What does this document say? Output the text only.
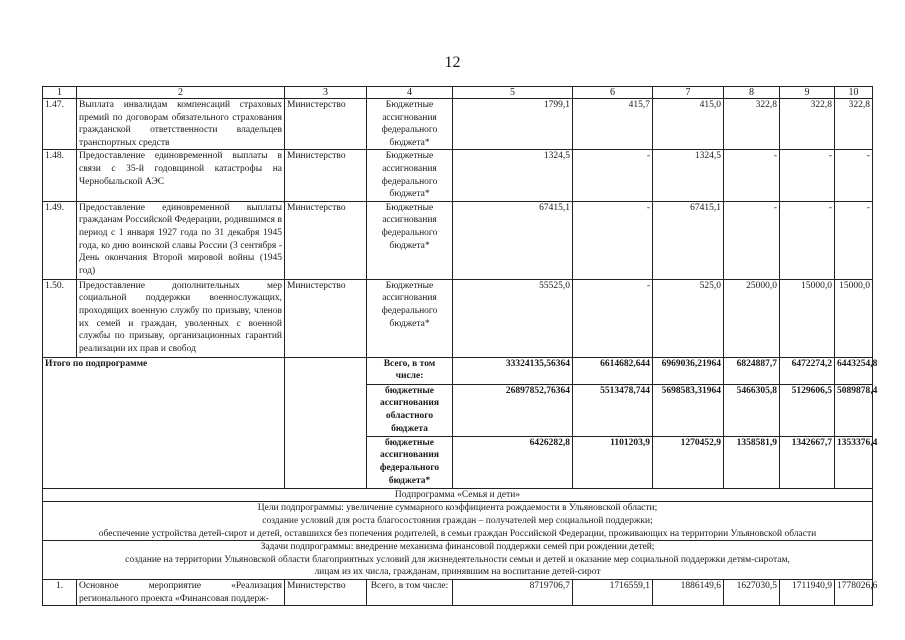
12
1	2	3	4	5	6	7	8	9	10
1.47.	Выплата инвалидам компенсаций страховых премий по договорам обязательного страхования гражданской ответственности владельцев транспортных средств	Министерство	Бюджетные ассигнования федерального бюджета*	1799,1	415,7	415,0	322,8	322,8	322,8
1.48.	Предоставление единовременной выплаты в связи с 35-й годовщиной катастрофы на Чернобыльской АЭС	Министерство	Бюджетные ассигнования федерального бюджета*	1324,5	-	1324,5	-	-	-
1.49.	Предоставление единовременной выплаты гражданам Российской Федерации, родившимся в период с 1 января 1927 года по 31 декабря 1945 года, ко дню воинской славы России (3 сентября - День окончания Второй мировой войны (1945 год)	Министерство	Бюджетные ассигнования федерального бюджета*	67415,1	-	67415,1	-	-	-
1.50.	Предоставление дополнительных мер социальной поддержки военнослужащих, проходящих военную службу по призыву, членов их семей и граждан, уволенных с военной службы по призыву, организационных гарантий реализации их прав и свобод	Министерство	Бюджетные ассигнования федерального бюджета*	55525,0	-	525,0	25000,0	15000,0	15000,0
Итого по подпрограмме			Всего, в том числе:	33324135,56364	6614682,644	6969036,21964	6824887,7	6472274,2	6443254,8
			бюджетные ассигнования областного бюджета	26897852,76364	5513478,744	5698583,31964	5466305,8	5129606,5	5089878,4
			бюджетные ассигнования федерального бюджета*	6426282,8	1101203,9	1270452,9	1358581,9	1342667,7	1353376,4
Подпрограмма «Семья и дети»									

Цели подпрограммы: увеличение суммарного коэффициента рождаемости в Ульяновской области;
создание условий для роста благосостояния граждан – получателей мер социальной поддержки;
обеспечение устройства детей-сирот и детей, оставшихся без попечения родителей, в семьи граждан Российской Федерации, проживающих на территории Ульяновской области									

Задачи подпрограммы: внедрение механизма финансовой поддержки семей при рождении детей;
создание на территории Ульяновской области благоприятных условий для жизнедеятельности семьи и детей и оказание мер социальной поддержки детям-сиротам,
лицам из их числа, гражданам, принявшим на воспитание детей-сирот									

1.	Основное мероприятие «Реализация регионального проекта «Финансовая поддерж-	Министерство	Всего, в том числе:	8719706,7	1716559,1	1886149,6	1627030,5	1711940,9	1778026,6
